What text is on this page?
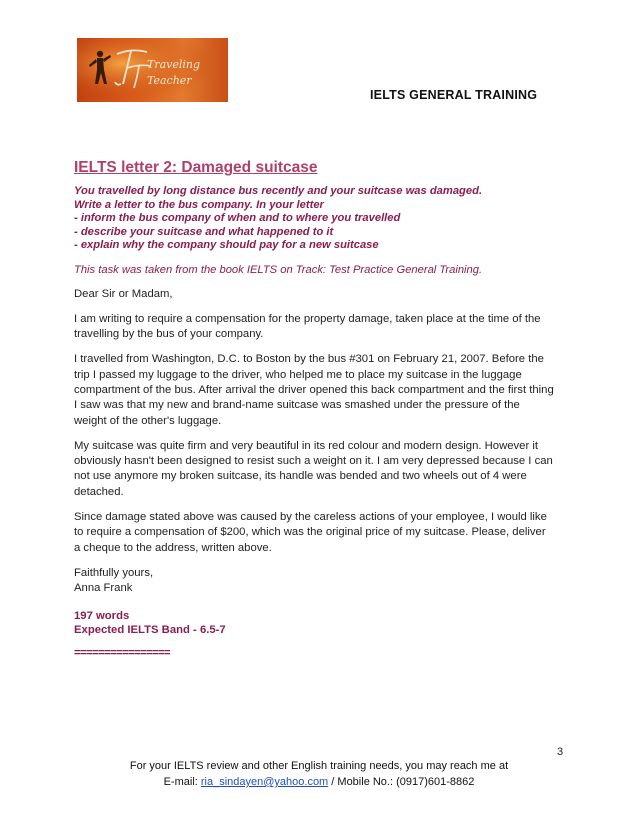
Traveling
Teacher
IELTS GENERAL TRAINING
IELTS letter 2: Damaged suitcase
You travelled by long distance bus recently and your suitcase was damaged.
Write a letter to the bus company. In your letter
- inform the bus company of when and to where you travelled
- describe your suitcase and what happened to it
- explain why the company should pay for a new suitcase
This task was taken from the book IELTS on Track: Test Practice General Training.
Dear Sir or Madam,
I am writing to require a compensation for the property damage, taken place at the time of the
travelling by the bus of your company.
I travelled from Washington, D.C. to Boston by the bus #301 on February 21, 2007. Before the
trip I passed my luggage to the driver, who helped me to place my suitcase in the luggage
compartment of the bus. After arrival the driver opened this back compartment and the first thing
I saw was that my new and brand-name suitcase was smashed under the pressure of the
weight of the other's luggage.
My suitcase was quite firm and very beautiful in its red colour and modern design. However it
obviously hasn't been designed to resist such a weight on it. I am very depressed because I can
not use anymore my broken suitcase, its handle was bended and two wheels out of 4 were
detached.
Since damage stated above was caused by the careless actions of your employee, I would like
to require a compensation of $200, which was the original price of my suitcase. Please, deliver
a cheque to the address, written above.
Faithfully yours,
Anna Frank
197 words
Expected IELTS Band - 6.5-7
================
3
For your IELTS review and other English training needs, you may reach me at
E-mail: ria_sindayen@yahoo.com / Mobile No.: (0917)601-8862
